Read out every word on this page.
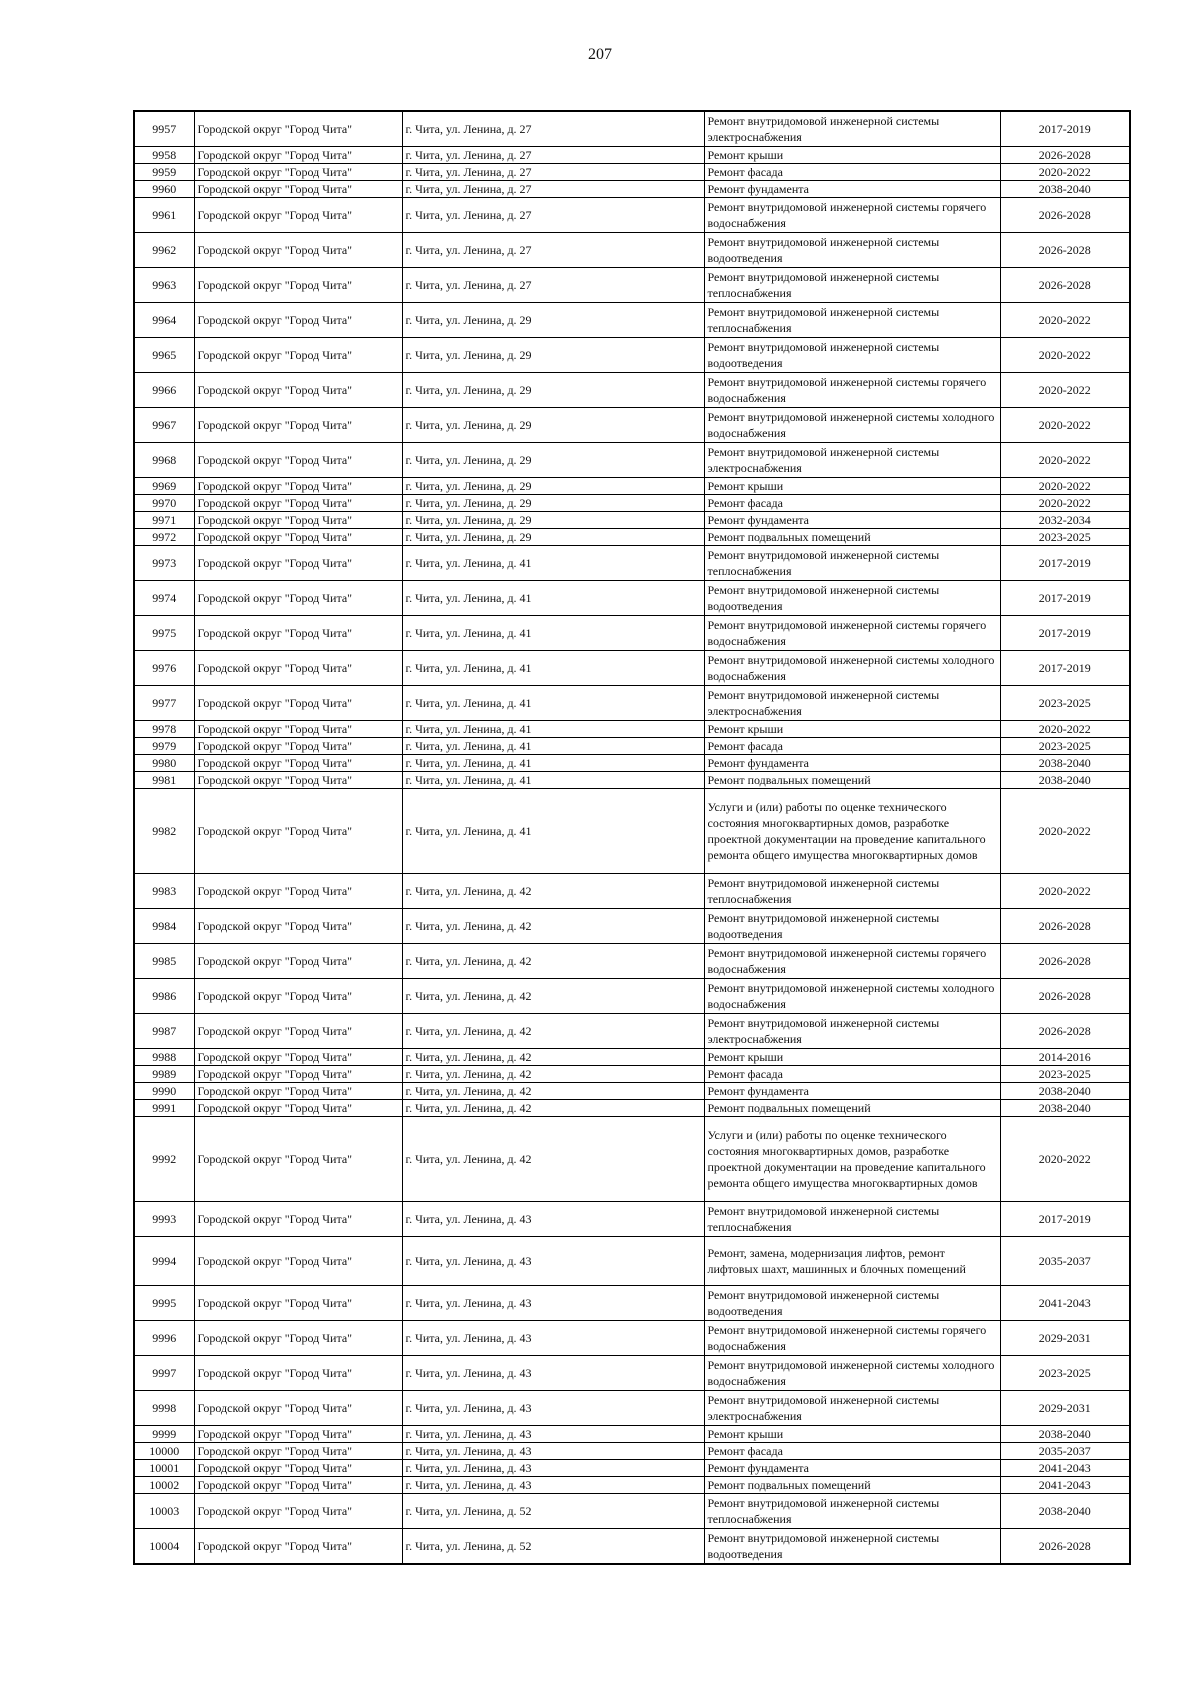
207
9957	Городской округ "Город Чита"	г. Чита, ул. Ленина, д. 27	Ремонт внутридомовой инженерной системы электроснабжения	2017-2019
9958	Городской округ "Город Чита"	г. Чита, ул. Ленина, д. 27	Ремонт крыши	2026-2028
9959	Городской округ "Город Чита"	г. Чита, ул. Ленина, д. 27	Ремонт фасада	2020-2022
9960	Городской округ "Город Чита"	г. Чита, ул. Ленина, д. 27	Ремонт фундамента	2038-2040
9961	Городской округ "Город Чита"	г. Чита, ул. Ленина, д. 27	Ремонт внутридомовой инженерной системы горячего водоснабжения	2026-2028
9962	Городской округ "Город Чита"	г. Чита, ул. Ленина, д. 27	Ремонт внутридомовой инженерной системы водоотведения	2026-2028
9963	Городской округ "Город Чита"	г. Чита, ул. Ленина, д. 27	Ремонт внутридомовой инженерной системы теплоснабжения	2026-2028
9964	Городской округ "Город Чита"	г. Чита, ул. Ленина, д. 29	Ремонт внутридомовой инженерной системы теплоснабжения	2020-2022
9965	Городской округ "Город Чита"	г. Чита, ул. Ленина, д. 29	Ремонт внутридомовой инженерной системы водоотведения	2020-2022
9966	Городской округ "Город Чита"	г. Чита, ул. Ленина, д. 29	Ремонт внутридомовой инженерной системы горячего водоснабжения	2020-2022
9967	Городской округ "Город Чита"	г. Чита, ул. Ленина, д. 29	Ремонт внутридомовой инженерной системы холодного водоснабжения	2020-2022
9968	Городской округ "Город Чита"	г. Чита, ул. Ленина, д. 29	Ремонт внутридомовой инженерной системы электроснабжения	2020-2022
9969	Городской округ "Город Чита"	г. Чита, ул. Ленина, д. 29	Ремонт крыши	2020-2022
9970	Городской округ "Город Чита"	г. Чита, ул. Ленина, д. 29	Ремонт фасада	2020-2022
9971	Городской округ "Город Чита"	г. Чита, ул. Ленина, д. 29	Ремонт фундамента	2032-2034
9972	Городской округ "Город Чита"	г. Чита, ул. Ленина, д. 29	Ремонт подвальных помещений	2023-2025
9973	Городской округ "Город Чита"	г. Чита, ул. Ленина, д. 41	Ремонт внутридомовой инженерной системы теплоснабжения	2017-2019
9974	Городской округ "Город Чита"	г. Чита, ул. Ленина, д. 41	Ремонт внутридомовой инженерной системы водоотведения	2017-2019
9975	Городской округ "Город Чита"	г. Чита, ул. Ленина, д. 41	Ремонт внутридомовой инженерной системы горячего водоснабжения	2017-2019
9976	Городской округ "Город Чита"	г. Чита, ул. Ленина, д. 41	Ремонт внутридомовой инженерной системы холодного водоснабжения	2017-2019
9977	Городской округ "Город Чита"	г. Чита, ул. Ленина, д. 41	Ремонт внутридомовой инженерной системы электроснабжения	2023-2025
9978	Городской округ "Город Чита"	г. Чита, ул. Ленина, д. 41	Ремонт крыши	2020-2022
9979	Городской округ "Город Чита"	г. Чита, ул. Ленина, д. 41	Ремонт фасада	2023-2025
9980	Городской округ "Город Чита"	г. Чита, ул. Ленина, д. 41	Ремонт фундамента	2038-2040
9981	Городской округ "Город Чита"	г. Чита, ул. Ленина, д. 41	Ремонт подвальных помещений	2038-2040
9982	Городской округ "Город Чита"	г. Чита, ул. Ленина, д. 41	Услуги и (или) работы по оценке технического состояния многоквартирных домов, разработке проектной документации на проведение капитального ремонта общего имущества многоквартирных домов	2020-2022
9983	Городской округ "Город Чита"	г. Чита, ул. Ленина, д. 42	Ремонт внутридомовой инженерной системы теплоснабжения	2020-2022
9984	Городской округ "Город Чита"	г. Чита, ул. Ленина, д. 42	Ремонт внутридомовой инженерной системы водоотведения	2026-2028
9985	Городской округ "Город Чита"	г. Чита, ул. Ленина, д. 42	Ремонт внутридомовой инженерной системы горячего водоснабжения	2026-2028
9986	Городской округ "Город Чита"	г. Чита, ул. Ленина, д. 42	Ремонт внутридомовой инженерной системы холодного водоснабжения	2026-2028
9987	Городской округ "Город Чита"	г. Чита, ул. Ленина, д. 42	Ремонт внутридомовой инженерной системы электроснабжения	2026-2028
9988	Городской округ "Город Чита"	г. Чита, ул. Ленина, д. 42	Ремонт крыши	2014-2016
9989	Городской округ "Город Чита"	г. Чита, ул. Ленина, д. 42	Ремонт фасада	2023-2025
9990	Городской округ "Город Чита"	г. Чита, ул. Ленина, д. 42	Ремонт фундамента	2038-2040
9991	Городской округ "Город Чита"	г. Чита, ул. Ленина, д. 42	Ремонт подвальных помещений	2038-2040
9992	Городской округ "Город Чита"	г. Чита, ул. Ленина, д. 42	Услуги и (или) работы по оценке технического состояния многоквартирных домов, разработке проектной документации на проведение капитального ремонта общего имущества многоквартирных домов	2020-2022
9993	Городской округ "Город Чита"	г. Чита, ул. Ленина, д. 43	Ремонт внутридомовой инженерной системы теплоснабжения	2017-2019
9994	Городской округ "Город Чита"	г. Чита, ул. Ленина, д. 43	Ремонт, замена, модернизация лифтов, ремонт лифтовых шахт, машинных и блочных помещений	2035-2037
9995	Городской округ "Город Чита"	г. Чита, ул. Ленина, д. 43	Ремонт внутридомовой инженерной системы водоотведения	2041-2043
9996	Городской округ "Город Чита"	г. Чита, ул. Ленина, д. 43	Ремонт внутридомовой инженерной системы горячего водоснабжения	2029-2031
9997	Городской округ "Город Чита"	г. Чита, ул. Ленина, д. 43	Ремонт внутридомовой инженерной системы холодного водоснабжения	2023-2025
9998	Городской округ "Город Чита"	г. Чита, ул. Ленина, д. 43	Ремонт внутридомовой инженерной системы электроснабжения	2029-2031
9999	Городской округ "Город Чита"	г. Чита, ул. Ленина, д. 43	Ремонт крыши	2038-2040
10000	Городской округ "Город Чита"	г. Чита, ул. Ленина, д. 43	Ремонт фасада	2035-2037
10001	Городской округ "Город Чита"	г. Чита, ул. Ленина, д. 43	Ремонт фундамента	2041-2043
10002	Городской округ "Город Чита"	г. Чита, ул. Ленина, д. 43	Ремонт подвальных помещений	2041-2043
10003	Городской округ "Город Чита"	г. Чита, ул. Ленина, д. 52	Ремонт внутридомовой инженерной системы теплоснабжения	2038-2040
10004	Городской округ "Город Чита"	г. Чита, ул. Ленина, д. 52	Ремонт внутридомовой инженерной системы водоотведения	2026-2028
